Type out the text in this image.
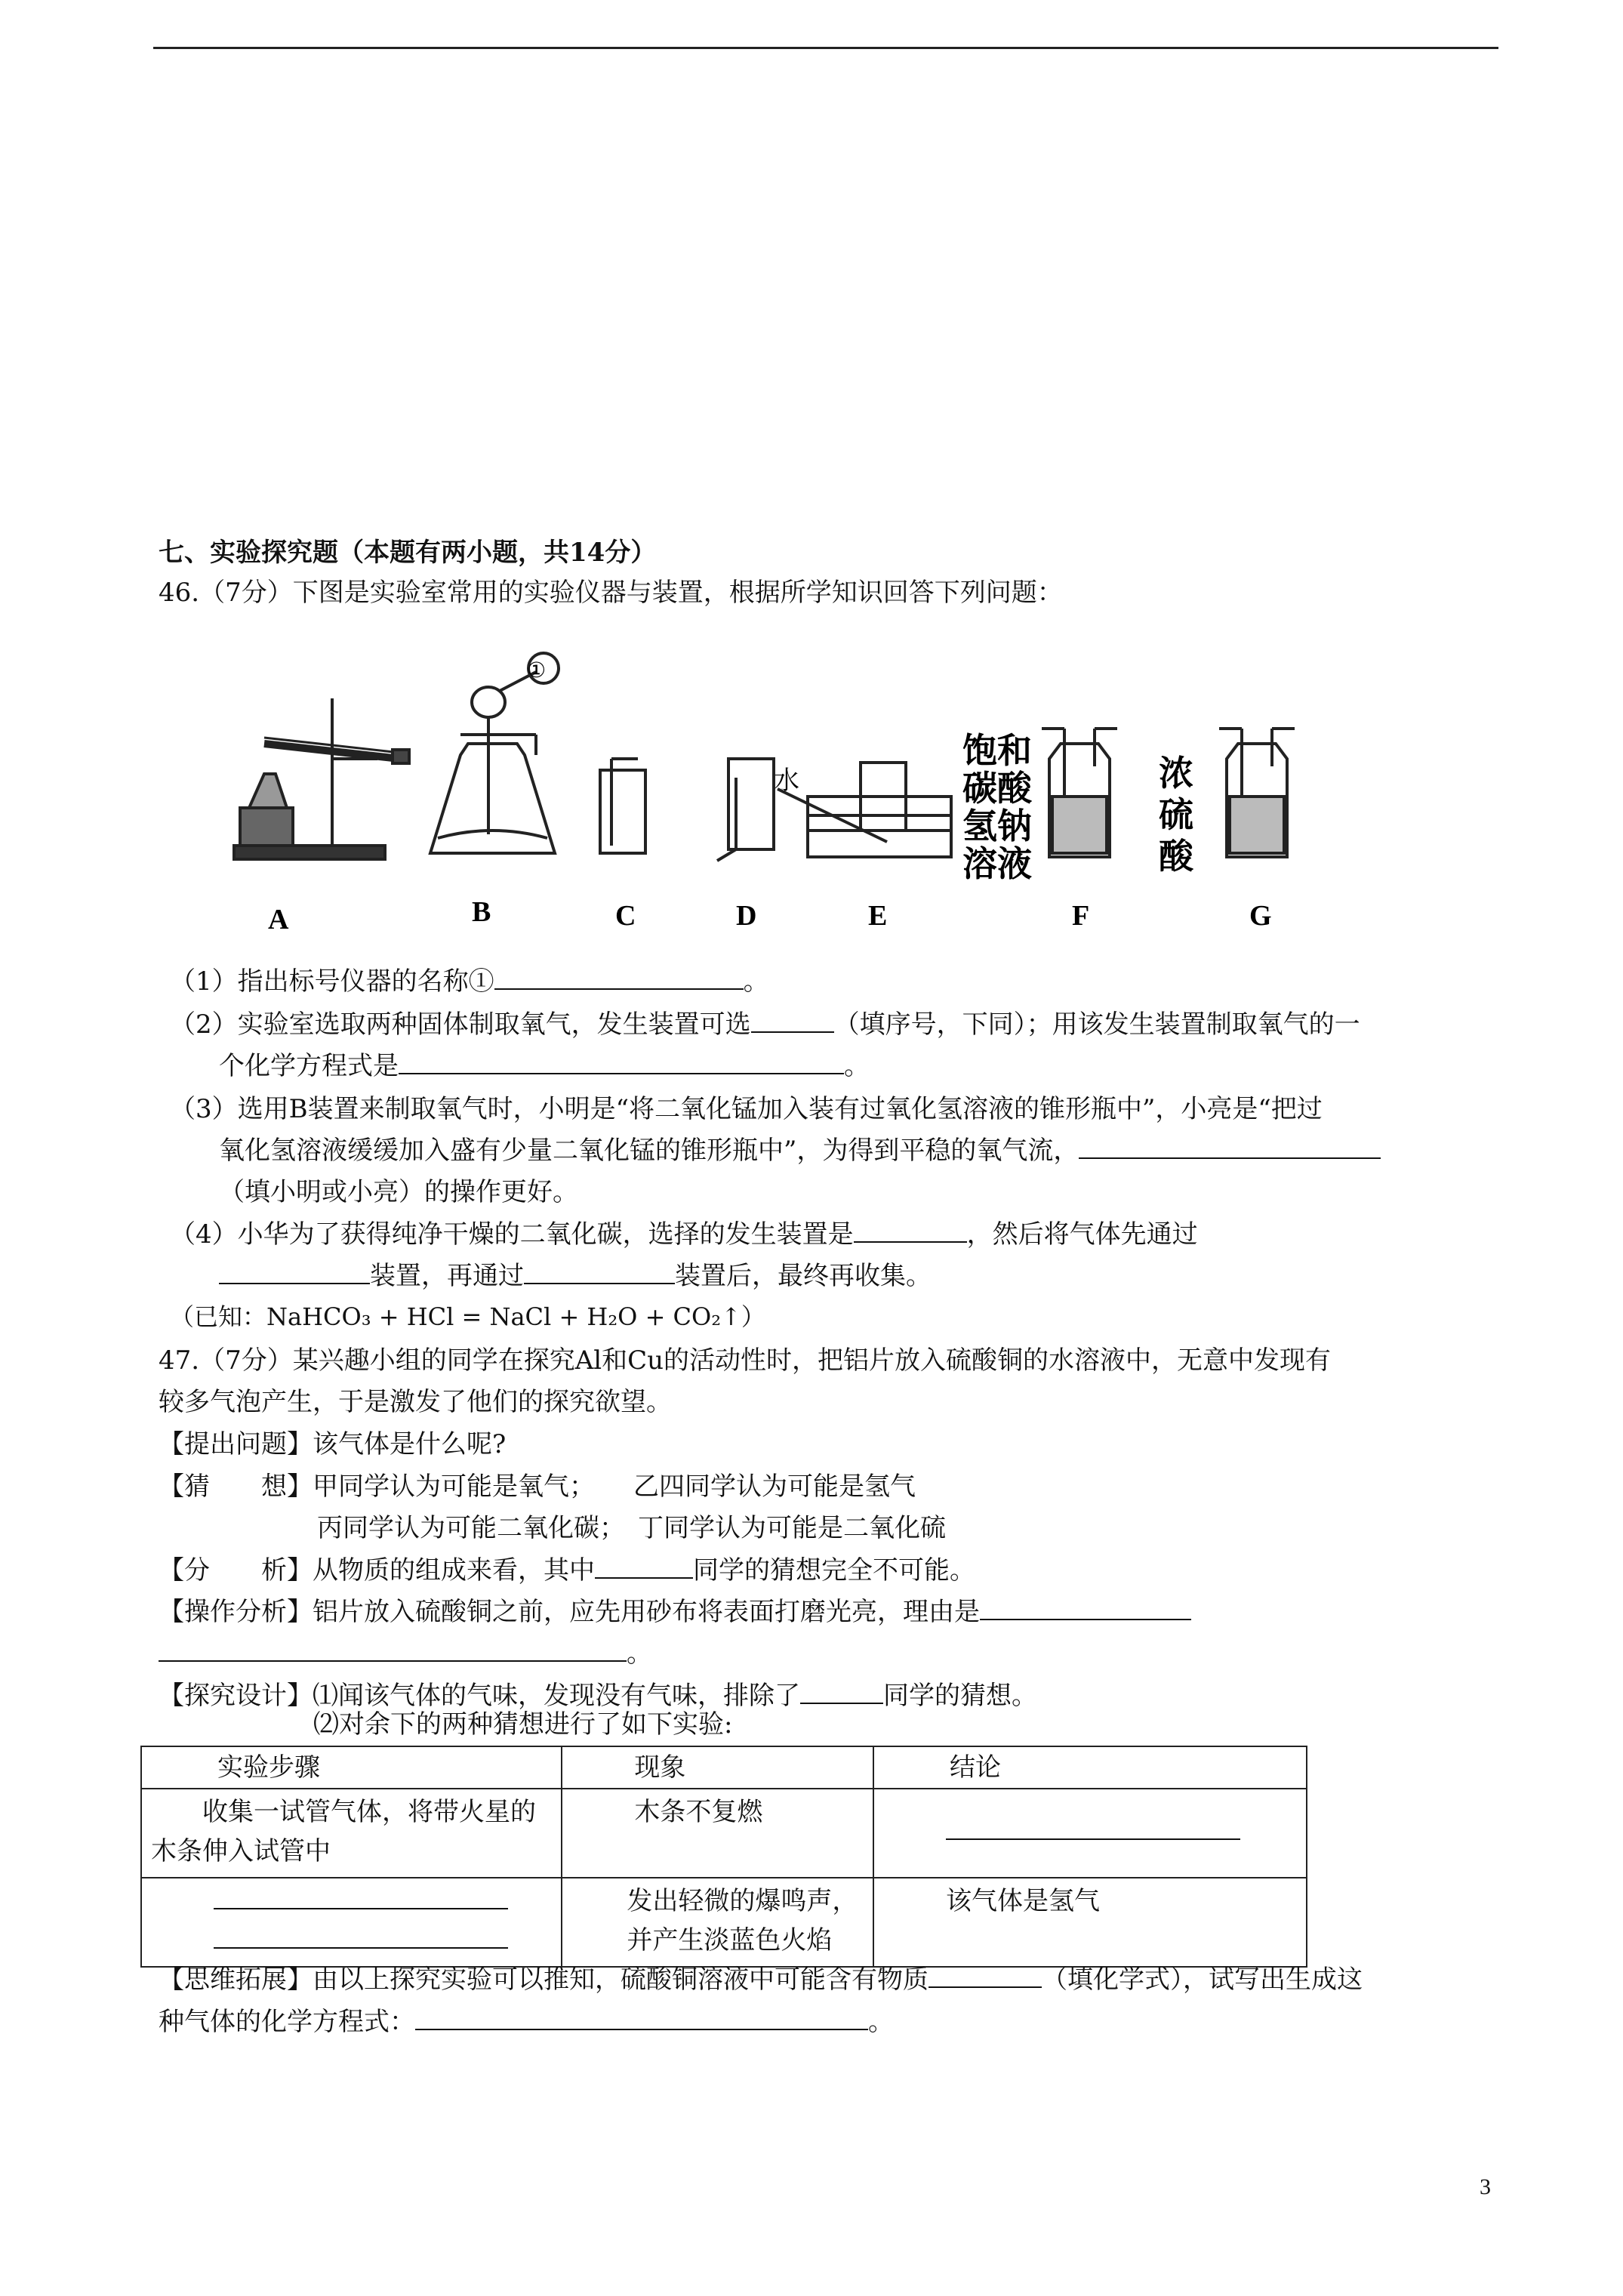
七、实验探究题（本题有两小题，共14分）
46.（7分）下图是实验室常用的实验仪器与装置，根据所学知识回答下列问题：
①
水
饱和
碳酸
氢钠
溶液
浓
硫
酸
A	B	C	D	E	F	G
（1）指出标号仪器的名称①	。
（2）实验室选取两种固体制取氧气，发生装置可选	（填序号，下同）；用该发生装置制取氧气的一
个化学方程式是	。
（3）选用B装置来制取氧气时，小明是“将二氧化锰加入装有过氧化氢溶液的锥形瓶中”，小亮是“把过
氧化氢溶液缓缓加入盛有少量二氧化锰的锥形瓶中”，为得到平稳的氧气流，
（填小明或小亮）的操作更好。
（4）小华为了获得纯净干燥的二氧化碳，选择的发生装置是	，然后将气体先通过
装置，再通过	装置后，最终再收集。
（已知：NaHCO₃ + HCl = NaCl + H₂O + CO₂↑）
47.（7分）某兴趣小组的同学在探究Al和Cu的活动性时，把铝片放入硫酸铜的水溶液中，无意中发现有
较多气泡产生，于是激发了他们的探究欲望。
【提出问题】该气体是什么呢?
【猜　　想】甲同学认为可能是氧气；　　乙四同学认为可能是氢气
丙同学认为可能二氧化碳；　丁同学认为可能是二氧化硫
【分　　析】从物质的组成来看，其中	同学的猜想完全不可能。
【操作分析】铝片放入硫酸铜之前，应先用砂布将表面打磨光亮，理由是
。
【探究设计】⑴闻该气体的气味，发现没有气味，排除了	同学的猜想。
⑵对余下的两种猜想进行了如下实验:
实验步骤	现象	结论
收集一试管气体，将带火星的木条伸入试管中	木条不复燃	

	发出轻微的爆鸣声，并产生淡蓝色火焰	该气体是氢气
【思维拓展】由以上探究实验可以推知，硫酸铜溶液中可能含有物质	（填化学式），试写出生成这
种气体的化学方程式：	。
3
